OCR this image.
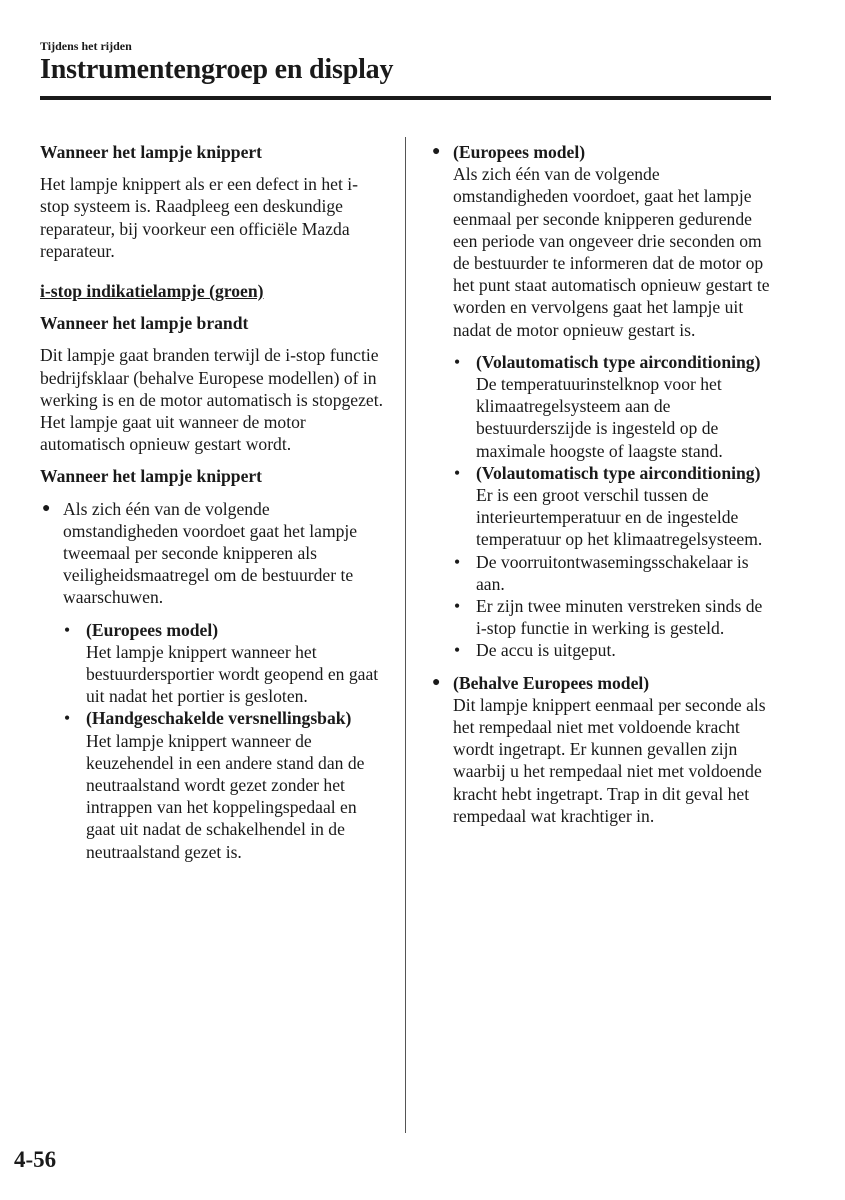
Tijdens het rijden
Instrumentengroep en display

Wanneer het lampje knippert

Het lampje knippert als er een defect in het i-stop systeem is. Raadpleeg een deskundige reparateur, bij voorkeur een officiële Mazda reparateur.

i-stop indikatielampje (groen)

Wanneer het lampje brandt

Dit lampje gaat branden terwijl de i-stop functie bedrijfsklaar (behalve Europese modellen) of in werking is en de motor automatisch is stopgezet. Het lampje gaat uit wanneer de motor automatisch opnieuw gestart wordt.

Wanneer het lampje knippert

● Als zich één van de volgende omstandigheden voordoet gaat het lampje tweemaal per seconde knipperen als veiligheidsmaatregel om de bestuurder te waarschuwen.
• (Europees model)
Het lampje knippert wanneer het bestuurdersportier wordt geopend en gaat uit nadat het portier is gesloten.
• (Handgeschakelde versnellingsbak)
Het lampje knippert wanneer de keuzehendel in een andere stand dan de neutraalstand wordt gezet zonder het intrappen van het koppelingspedaal en gaat uit nadat de schakelhendel in de neutraalstand gezet is.
● (Europees model)
Als zich één van de volgende omstandigheden voordoet, gaat het lampje eenmaal per seconde knipperen gedurende een periode van ongeveer drie seconden om de bestuurder te informeren dat de motor op het punt staat automatisch opnieuw gestart te worden en vervolgens gaat het lampje uit nadat de motor opnieuw gestart is.
• (Volautomatisch type airconditioning)
De temperatuurinstelknop voor het klimaatregelsysteem aan de bestuurderszijde is ingesteld op de maximale hoogste of laagste stand.
• (Volautomatisch type airconditioning)
Er is een groot verschil tussen de interieurtemperatuur en de ingestelde temperatuur op het klimaatregelsysteem.
• De voorruitontwasemingsschakelaar is aan.
• Er zijn twee minuten verstreken sinds de i-stop functie in werking is gesteld.
• De accu is uitgeput.
● (Behalve Europees model)
Dit lampje knippert eenmaal per seconde als het rempedaal niet met voldoende kracht wordt ingetrapt. Er kunnen gevallen zijn waarbij u het rempedaal niet met voldoende kracht hebt ingetrapt. Trap in dit geval het rempedaal wat krachtiger in.
4-56
